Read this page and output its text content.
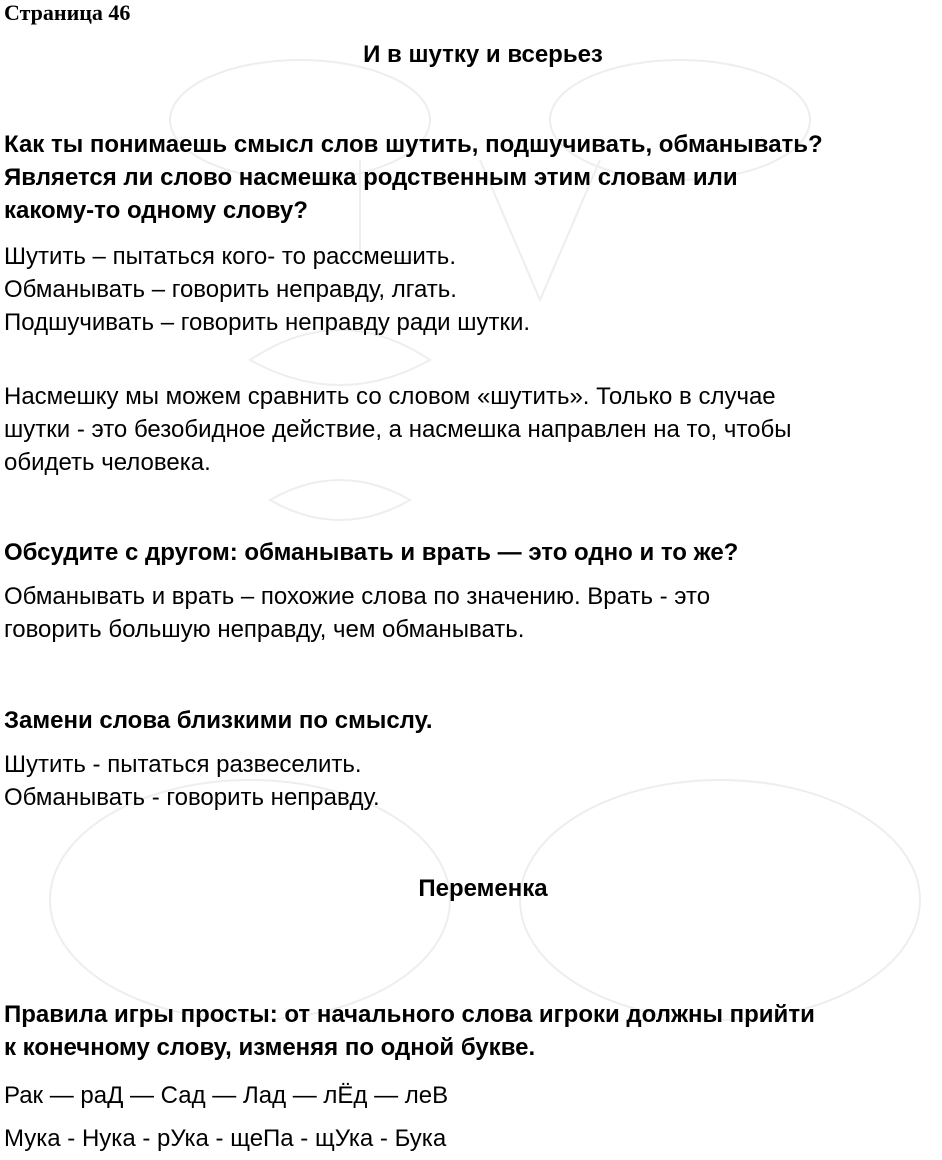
Страница 46
И в шутку и всерьез
Как ты понимаешь смысл слов шутить, подшучивать, обманывать?
Является ли слово насмешка родственным этим словам или
какому-то одному слову?
Шутить – пытаться кого- то рассмешить.
Обманывать – говорить неправду, лгать.
Подшучивать – говорить неправду ради шутки.
Насмешку мы можем сравнить со словом «шутить». Только в случае
шутки - это безобидное действие, а насмешка направлен на то, чтобы
обидеть человека.
Обсудите с другом: обманывать и врать — это одно и то же?
Обманывать и врать – похожие слова по значению. Врать - это
говорить большую неправду, чем обманывать.
Замени слова близкими по смыслу.
Шутить - пытаться развеселить.
Обманывать - говорить неправду.
Переменка
Правила игры просты: от начального слова игроки должны прийти
к конечному слову, изменяя по одной букве.
Рак — раД — Сад — Лад — лЁд — леВ
Мука - Нука - рУка - щеПа - щУка - Бука
